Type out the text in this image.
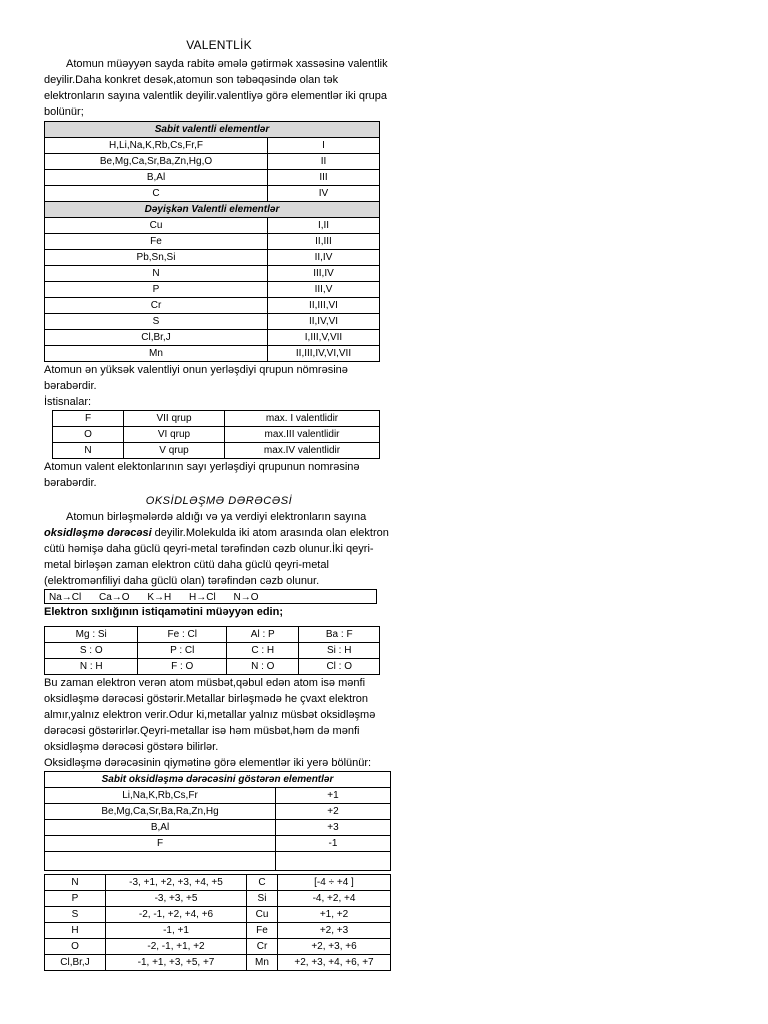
VALENTLİK

Atomun müəyyən sayda rabitə əmələ gətirmək xassəsinə valentlik deyilir.Daha konkret desək,atomun son təbəqəsində olan tək elektronların sayına valentlik deyilir.valentliyə görə elementlər iki qrupa bolünür;

Sabit valentli elementlər	
H,Li,Na,K,Rb,Cs,Fr,F	I
Be,Mg,Ca,Sr,Ba,Zn,Hg,O	II
B,Al	III
C	IV
Dəyişkən Valentli elementlər	
Cu	I,II
Fe	II,III
Pb,Sn,Si	II,IV
N	III,IV
P	III,V
Cr	II,III,VI
S	II,IV,VI
Cl,Br,J	I,III,V,VII
Mn	II,III,IV,VI,VII

Atomun ən yüksək valentliyi onun yerləşdiyi qrupun nömrəsinə bərabərdir.

İstisnalar:

F	VII qrup	max. I valentlidir
O	VI qrup	max.III valentlidir
N	V qrup	max.IV valentlidir

Atomun valent elektonlarının sayı yerləşdiyi qrupunun nomrəsinə bərabərdir.

OKSİDLƏŞMƏ DƏRƏCƏSİ

Atomun birləşmələrdə aldığı və ya verdiyi elektronların sayına oksidləşmə dərəcəsi deyilir.Molekulda iki atom arasında olan elektron cütü həmişə daha güclü qeyri-metal tərəfindən cəzb olunur.İki qeyri-metal birləşən zaman elektron cütü daha güclü qeyri-metal (elektromənfiliyi daha güclü olan) tərəfindən cəzb olunur.

Na→Cl Ca→O K→H H→Cl N→O

Elektron sıxlığının istiqamətini müəyyən edin;

Mg : Si	Fe : Cl	Al : P	Ba : F
S : O	P : Cl	C : H	Si : H
N : H	F : O	N : O	Cl : O

Bu zaman elektron verən atom müsbət,qəbul edən atom isə mənfi oksidləşmə dərəcəsi göstərir.Metallar birləşmədə he çvaxt elektron almır,yalnız elektron verir.Odur ki,metallar yalnız müsbət oksidləşmə dərəcəsi göstərirlər.Qeyri-metallar isə həm müsbət,həm də mənfi oksidləşmə dərəcəsi göstərə bilirlər.

Oksidləşmə dərəcəsinin qiymətinə görə elementlər iki yerə bölünür:

Sabit oksidləşmə dərəcəsini göstərən elementlər	
Li,Na,K,Rb,Cs,Fr	+1
Be,Mg,Ca,Sr,Ba,Ra,Zn,Hg	+2
B,Al	+3
F	-1

N	-3, +1, +2, +3, +4, +5	C	[-4 ÷ +4 ]
P	-3, +3, +5	Si	-4, +2, +4
S	-2, -1, +2, +4, +6	Cu	+1, +2
H	-1, +1	Fe	+2, +3
O	-2, -1, +1, +2	Cr	+2, +3, +6
Cl,Br,J	-1, +1, +3, +5, +7	Mn	+2, +3, +4, +6, +7
